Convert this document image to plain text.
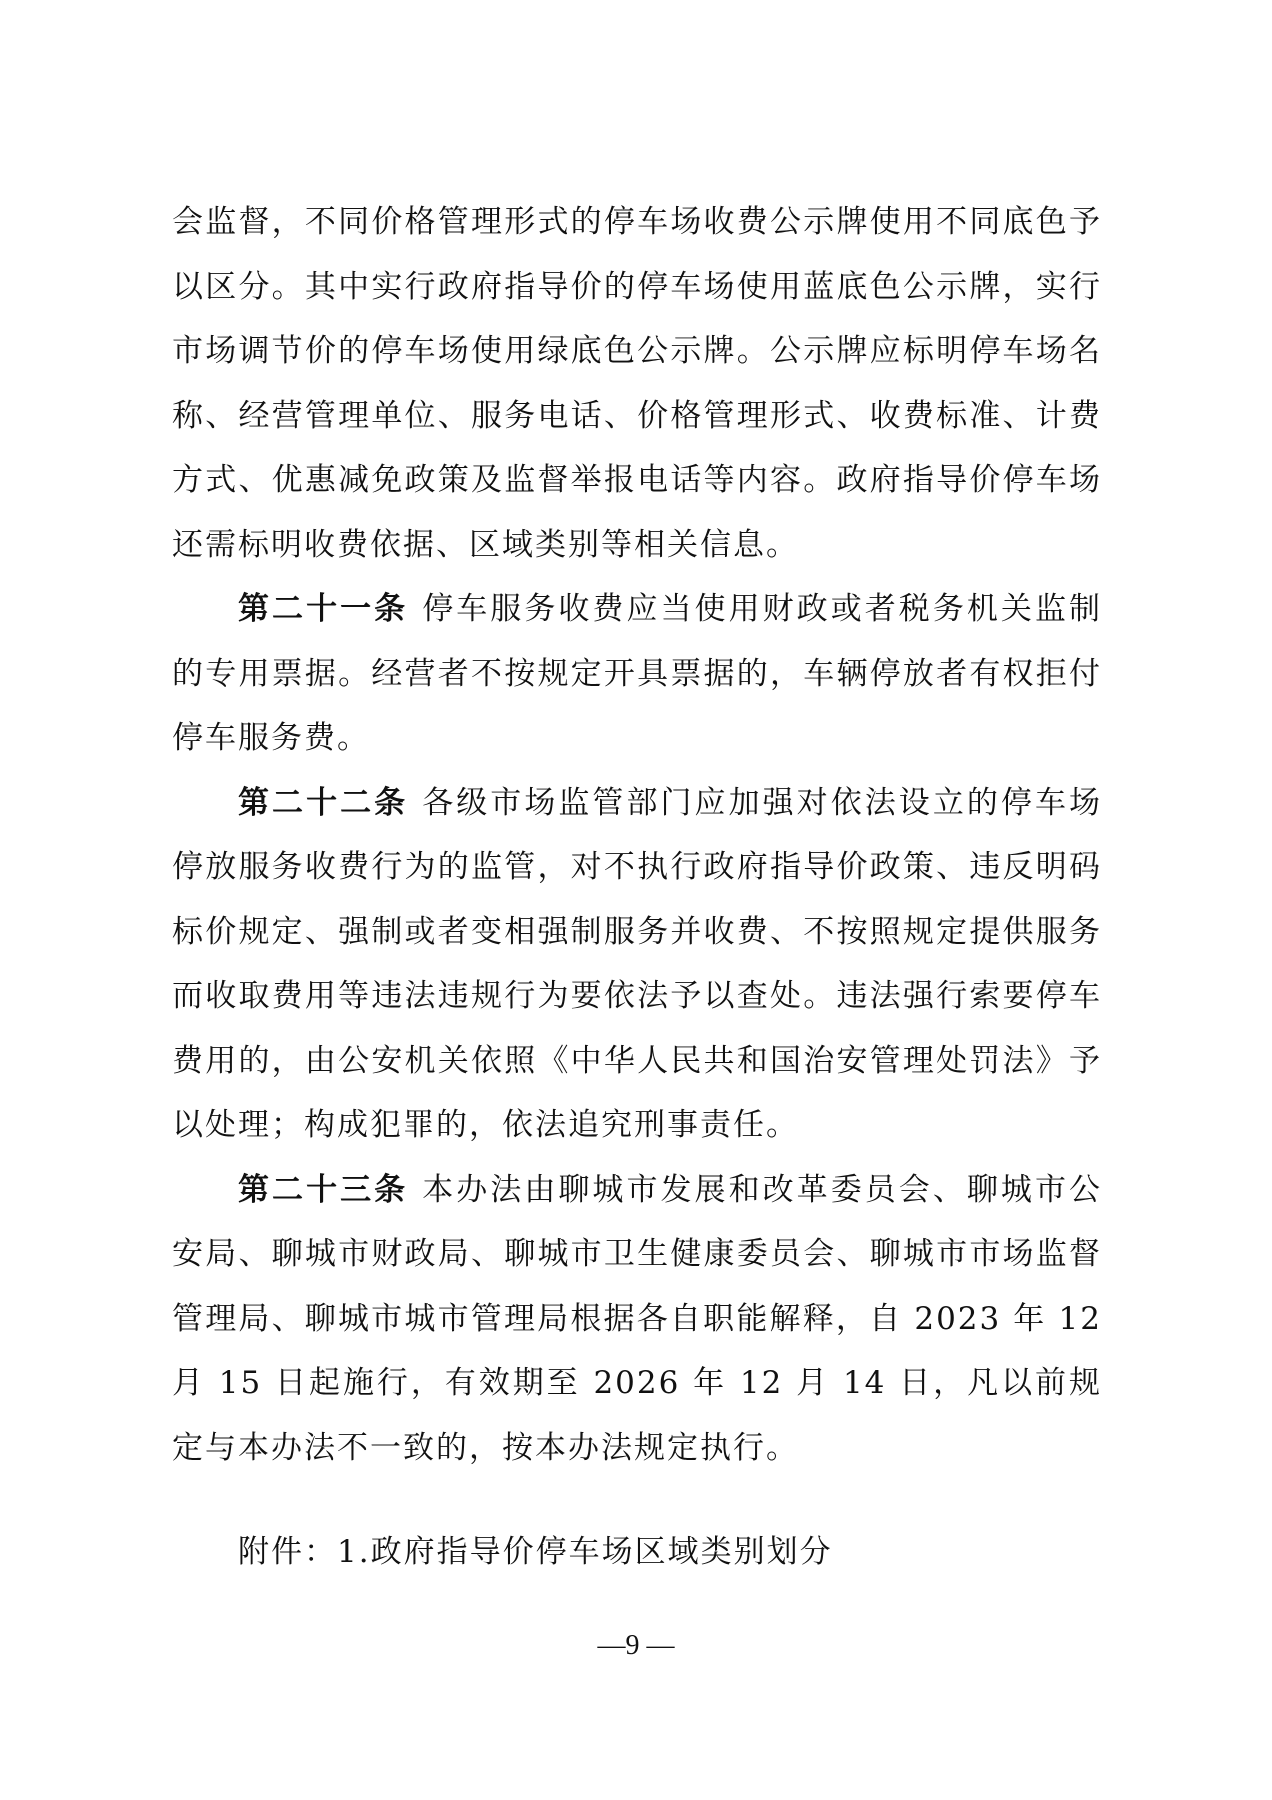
会监督，不同价格管理形式的停车场收费公示牌使用不同底色予以区分。其中实行政府指导价的停车场使用蓝底色公示牌，实行市场调节价的停车场使用绿底色公示牌。公示牌应标明停车场名称、经营管理单位、服务电话、价格管理形式、收费标准、计费方式、优惠减免政策及监督举报电话等内容。政府指导价停车场还需标明收费依据、区域类别等相关信息。

第二十一条 停车服务收费应当使用财政或者税务机关监制的专用票据。经营者不按规定开具票据的，车辆停放者有权拒付停车服务费。

第二十二条 各级市场监管部门应加强对依法设立的停车场停放服务收费行为的监管，对不执行政府指导价政策、违反明码标价规定、强制或者变相强制服务并收费、不按照规定提供服务而收取费用等违法违规行为要依法予以查处。违法强行索要停车费用的，由公安机关依照《中华人民共和国治安管理处罚法》予以处理；构成犯罪的，依法追究刑事责任。

第二十三条 本办法由聊城市发展和改革委员会、聊城市公安局、聊城市财政局、聊城市卫生健康委员会、聊城市市场监督管理局、聊城市城市管理局根据各自职能解释，自 2023 年 12 月 15 日起施行，有效期至 2026 年 12 月 14 日，凡以前规定与本办法不一致的，按本办法规定执行。

附件：1.政府指导价停车场区域类别划分

—9 —
